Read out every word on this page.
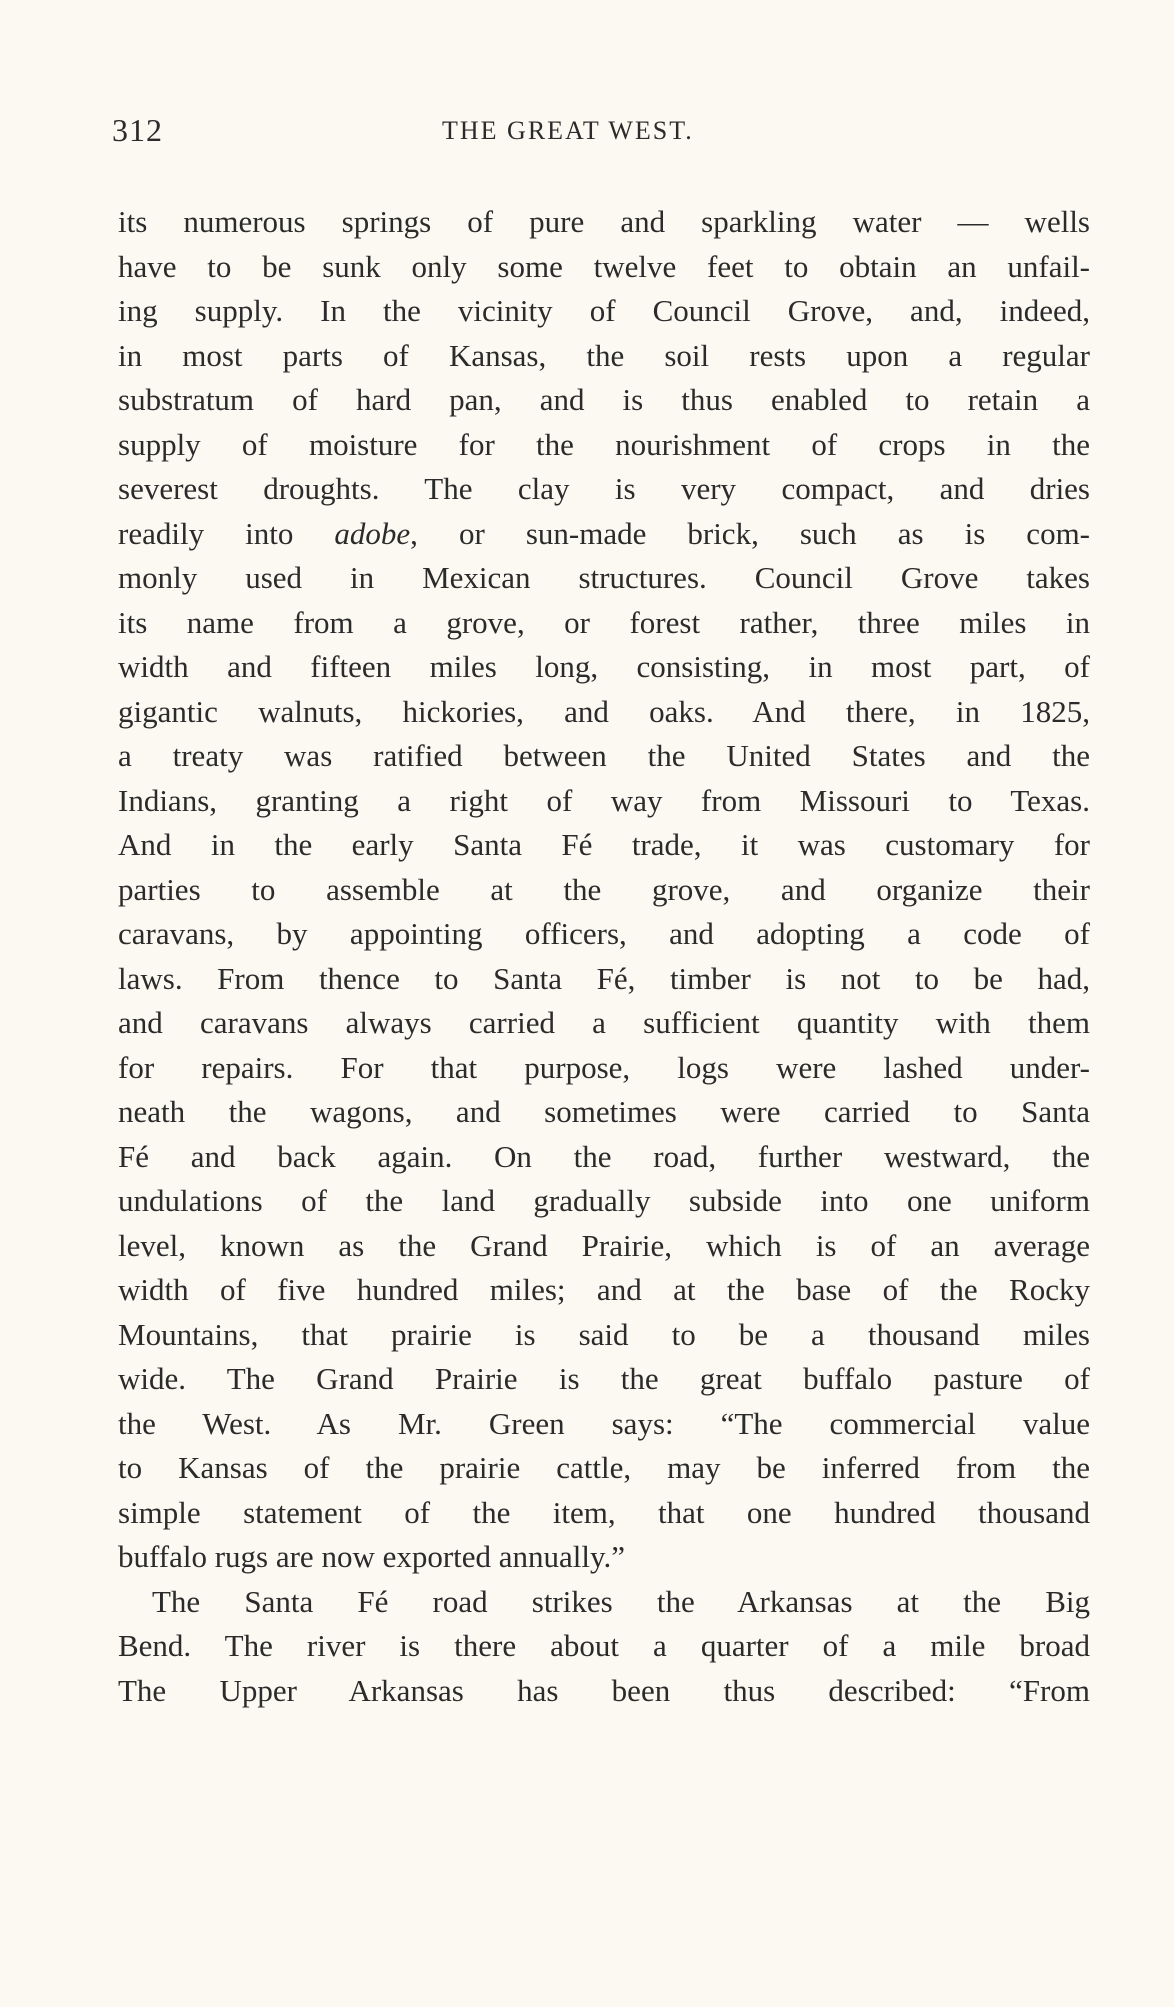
312	THE GREAT WEST.
its numerous springs of pure and sparkling water — wells
have to be sunk only some twelve feet to obtain an unfail-
ing supply. In the vicinity of Council Grove, and, indeed,
in most parts of Kansas, the soil rests upon a regular
substratum of hard pan, and is thus enabled to retain a
supply of moisture for the nourishment of crops in the
severest droughts. The clay is very compact, and dries
readily into adobe, or sun-made brick, such as is com-
monly used in Mexican structures. Council Grove takes
its name from a grove, or forest rather, three miles in
width and fifteen miles long, consisting, in most part, of
gigantic walnuts, hickories, and oaks. And there, in 1825,
a treaty was ratified between the United States and the
Indians, granting a right of way from Missouri to Texas.
And in the early Santa Fé trade, it was customary for
parties to assemble at the grove, and organize their
caravans, by appointing officers, and adopting a code of
laws. From thence to Santa Fé, timber is not to be had,
and caravans always carried a sufficient quantity with them
for repairs. For that purpose, logs were lashed under-
neath the wagons, and sometimes were carried to Santa
Fé and back again. On the road, further westward, the
undulations of the land gradually subside into one uniform
level, known as the Grand Prairie, which is of an average
width of five hundred miles; and at the base of the Rocky
Mountains, that prairie is said to be a thousand miles
wide. The Grand Prairie is the great buffalo pasture of
the West. As Mr. Green says: “The commercial value
to Kansas of the prairie cattle, may be inferred from the
simple statement of the item, that one hundred thousand
buffalo rugs are now exported annually.”
The Santa Fé road strikes the Arkansas at the Big
Bend. The river is there about a quarter of a mile broad
The Upper Arkansas has been thus described: “From
